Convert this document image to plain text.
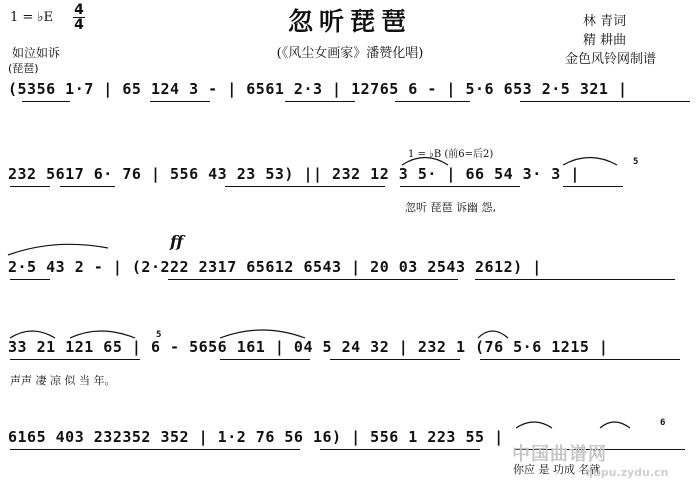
1 = ♭E 4
4	忽听琵琶
(《风尘女画家》潘赞化唱)
林 青词
精 耕曲
金色风铃网制谱
如泣如诉
(琵琶)
(5356 1·7 | 65 124 3 - | 6561 2·3 | 12765 6 - | 5·6 653 2·5 321 |
1 = ♭B (前6=后2)
5
232 5617 6· 76 | 556 43 23 53) || 232 12 3 5· | 66 54 3· 3 |
忽听 琵琶 诉幽 怨,
ff
2·5 43 2 - | (2·222 2317 65612 6543 | 20 03 2543 2612) |
5
33 21 121 65 | 6 - 5656 161 | 04 5 24 32 | 232 1 (76 5·6 1215 |
声声 凄 凉 似 当 年。
6
6165 403 232352 352 | 1·2 76 56 16) | 556 1 223 55 |
你应 是 功成 名就
中国曲谱网
qupu.zydu.cn
